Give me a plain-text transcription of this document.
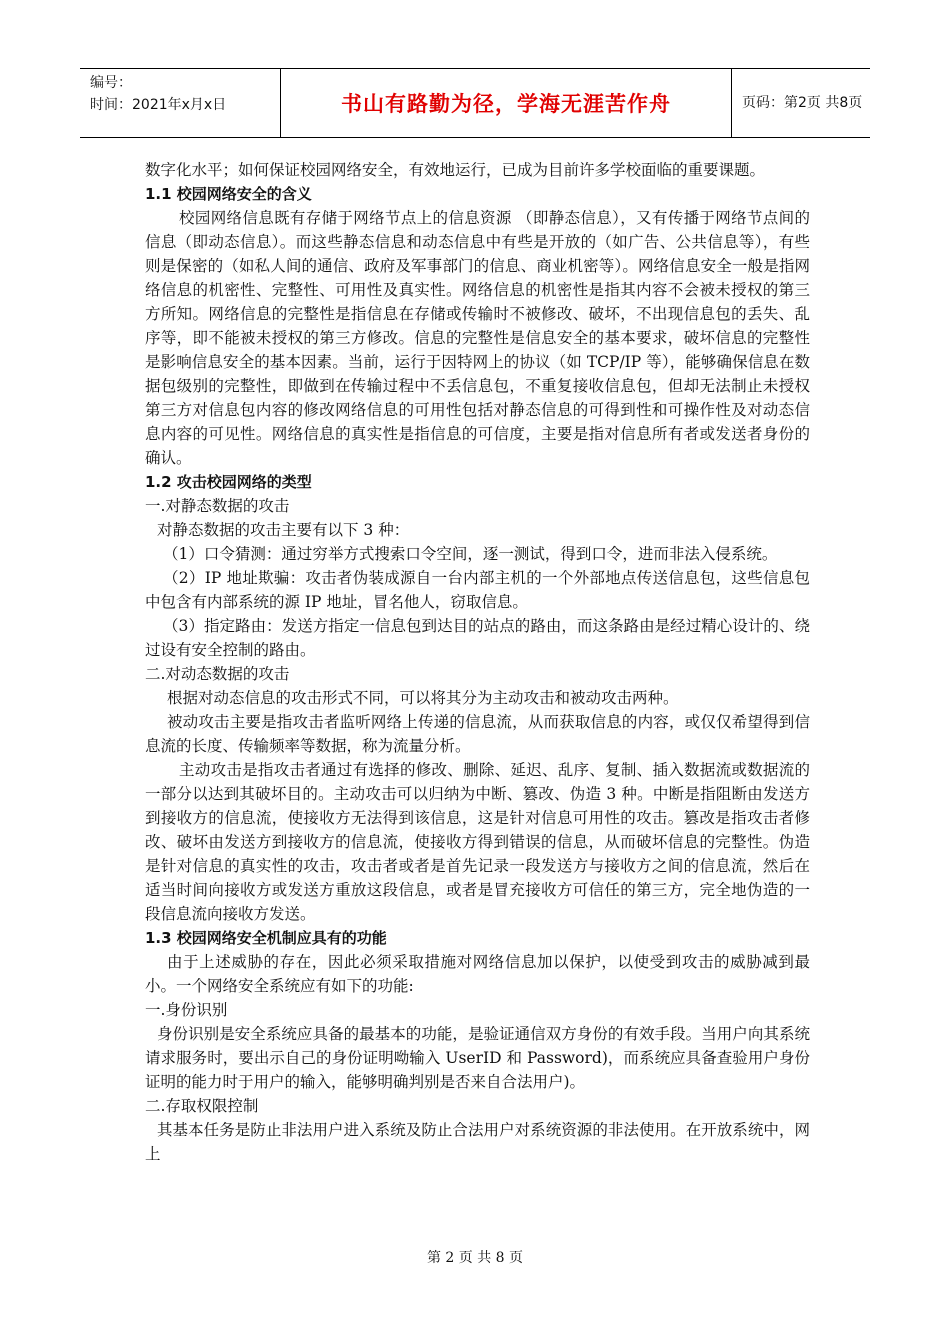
编号：
时间：2021年x月x日	书山有路勤为径，学海无涯苦作舟	页码：第2页 共8页

数字化水平；如何保证校园网络安全，有效地运行，已成为目前许多学校面临的重要课题。

1.1 校园网络安全的含义

校园网络信息既有存储于网络节点上的信息资源 （即静态信息），又有传播于网络节点间的信息（即动态信息）。而这些静态信息和动态信息中有些是开放的（如广告、公共信息等），有些则是保密的（如私人间的通信、政府及军事部门的信息、商业机密等）。网络信息安全一般是指网络信息的机密性、完整性、可用性及真实性。网络信息的机密性是指其内容不会被未授权的第三方所知。网络信息的完整性是指信息在存储或传输时不被修改、破坏，不出现信息包的丢失、乱序等，即不能被未授权的第三方修改。信息的完整性是信息安全的基本要求，破坏信息的完整性是影响信息安全的基本因素。当前，运行于因特网上的协议（如 TCP/IP 等），能够确保信息在数据包级别的完整性，即做到在传输过程中不丢信息包，不重复接收信息包，但却无法制止未授权第三方对信息包内容的修改网络信息的可用性包括对静态信息的可得到性和可操作性及对动态信息内容的可见性。网络信息的真实性是指信息的可信度，主要是指对信息所有者或发送者身份的确认。

1.2 攻击校园网络的类型

一.对静态数据的攻击

对静态数据的攻击主要有以下 3 种：

（1）口令猜测：通过穷举方式搜索口令空间，逐一测试，得到口令，进而非法入侵系统。

（2）IP 地址欺骗：攻击者伪装成源自一台内部主机的一个外部地点传送信息包，这些信息包中包含有内部系统的源 IP 地址，冒名他人，窃取信息。

（3）指定路由：发送方指定一信息包到达目的站点的路由，而这条路由是经过精心设计的、绕过设有安全控制的路由。

二.对动态数据的攻击

根据对动态信息的攻击形式不同，可以将其分为主动攻击和被动攻击两种。

被动攻击主要是指攻击者监听网络上传递的信息流，从而获取信息的内容，或仅仅希望得到信息流的长度、传输频率等数据，称为流量分析。

主动攻击是指攻击者通过有选择的修改、删除、延迟、乱序、复制、插入数据流或数据流的一部分以达到其破坏目的。主动攻击可以归纳为中断、篡改、伪造 3 种。中断是指阻断由发送方到接收方的信息流，使接收方无法得到该信息，这是针对信息可用性的攻击。篡改是指攻击者修改、破坏由发送方到接收方的信息流，使接收方得到错误的信息，从而破坏信息的完整性。伪造是针对信息的真实性的攻击，攻击者或者是首先记录一段发送方与接收方之间的信息流，然后在适当时间向接收方或发送方重放这段信息，或者是冒充接收方可信任的第三方，完全地伪造的一段信息流向接收方发送。

1.3 校园网络安全机制应具有的功能

由于上述威胁的存在，因此必须采取措施对网络信息加以保护，以使受到攻击的威胁减到最小。一个网络安全系统应有如下的功能:

一.身份识别

身份识别是安全系统应具备的最基本的功能，是验证通信双方身份的有效手段。当用户向其系统请求服务时，要出示自己的身份证明呦输入 UserID 和 Password)，而系统应具备查验用户身份证明的能力时于用户的输入，能够明确判别是否来自合法用户)。

二.存取权限控制

其基本任务是防止非法用户进入系统及防止合法用户对系统资源的非法使用。在开放系统中，网上

第 2 页 共 8 页
